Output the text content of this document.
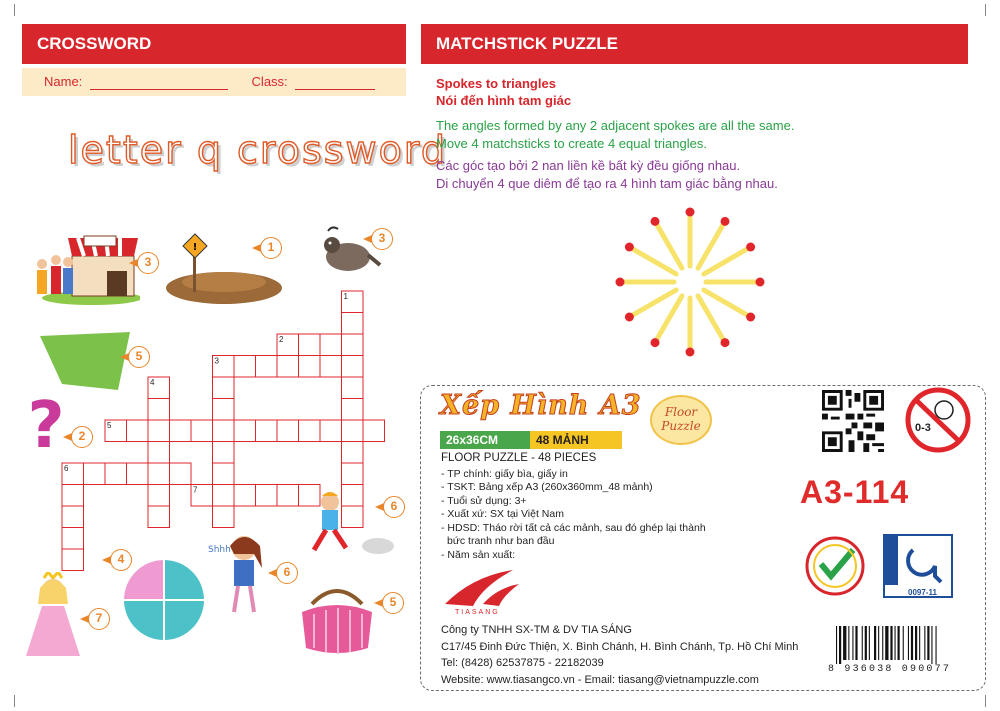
CROSSWORD
Name:	Class:
letter q crossword
3
!	1
3
5
?	2
6
4
Shhh
6
7
5
1
2
3
4
5
6
7
MATCHSTICK PUZZLE
Spokes to triangles
Nói đến hình tam giác
The angles formed by any 2 adjacent spokes are all the same.
Move 4 matchsticks to create 4 equal triangles.
Các góc tạo bởi 2 nan liền kề bất kỳ đều giống nhau.
Di chuyển 4 que diêm để tạo ra 4 hình tam giác bằng nhau.
Xếp Hình A3	Floor Puzzle
26x36CM	48 MẢNH
FLOOR PUZZLE - 48 PIECES
- TP chính: giấy bìa, giấy in
- TSKT: Bảng xếp A3 (260x360mm_48 mảnh)
- Tuổi sử dụng: 3+
- Xuất xứ: SX tại Việt Nam
- HDSD: Tháo rời tất cả các mảnh, sau đó ghép lại thành
bức tranh như ban đầu
- Năm sản xuất:
0-3
A3-114
0097-11
TIASANG
Công ty TNHH SX-TM & DV TIA SÁNG
C17/45 Đinh Đức Thiện, X. Bình Chánh, H. Bình Chánh, Tp. Hồ Chí Minh
Tel: (8428) 62537875 - 22182039
Website: www.tiasangco.vn - Email: tiasang@vietnampuzzle.com
8 936038 090077
